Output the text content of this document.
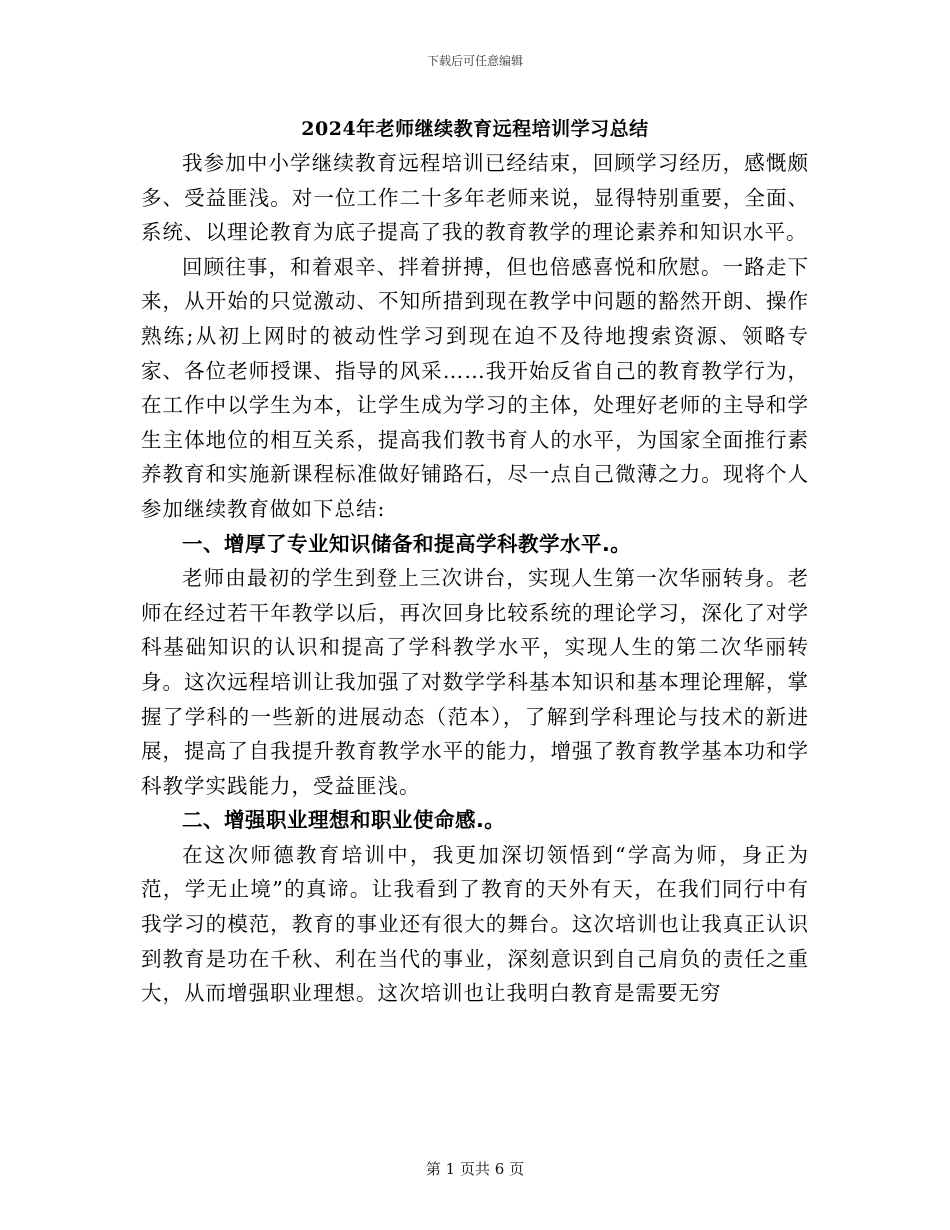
下载后可任意编辑
2024年老师继续教育远程培训学习总结

我参加中小学继续教育远程培训已经结束，回顾学习经历，感慨颇多、受益匪浅。对一位工作二十多年老师来说，显得特别重要，全面、系统、以理论教育为底子提高了我的教育教学的理论素养和知识水平。

回顾往事，和着艰辛、拌着拼搏，但也倍感喜悦和欣慰。一路走下来，从开始的只觉激动、不知所措到现在教学中问题的豁然开朗、操作熟练;从初上网时的被动性学习到现在迫不及待地搜索资源、领略专家、各位老师授课、指导的风采……我开始反省自己的教育教学行为，在工作中以学生为本，让学生成为学习的主体，处理好老师的主导和学生主体地位的相互关系，提高我们教书育人的水平，为国家全面推行素养教育和实施新课程标准做好铺路石，尽一点自己微薄之力。现将个人参加继续教育做如下总结:

一、增厚了专业知识储备和提高学科教学水平.。

老师由最初的学生到登上三次讲台，实现人生第一次华丽转身。老师在经过若干年教学以后，再次回身比较系统的理论学习，深化了对学科基础知识的认识和提高了学科教学水平，实现人生的第二次华丽转身。这次远程培训让我加强了对数学学科基本知识和基本理论理解，掌握了学科的一些新的进展动态（范本），了解到学科理论与技术的新进展，提高了自我提升教育教学水平的能力，增强了教育教学基本功和学科教学实践能力，受益匪浅。

二、增强职业理想和职业使命感.。

在这次师德教育培训中，我更加深切领悟到“学高为师，身正为范，学无止境”的真谛。让我看到了教育的天外有天，在我们同行中有我学习的模范，教育的事业还有很大的舞台。这次培训也让我真正认识到教育是功在千秋、利在当代的事业，深刻意识到自己肩负的责任之重大，从而增强职业理想。这次培训也让我明白教育是需要无穷

第 1 页共 6 页
